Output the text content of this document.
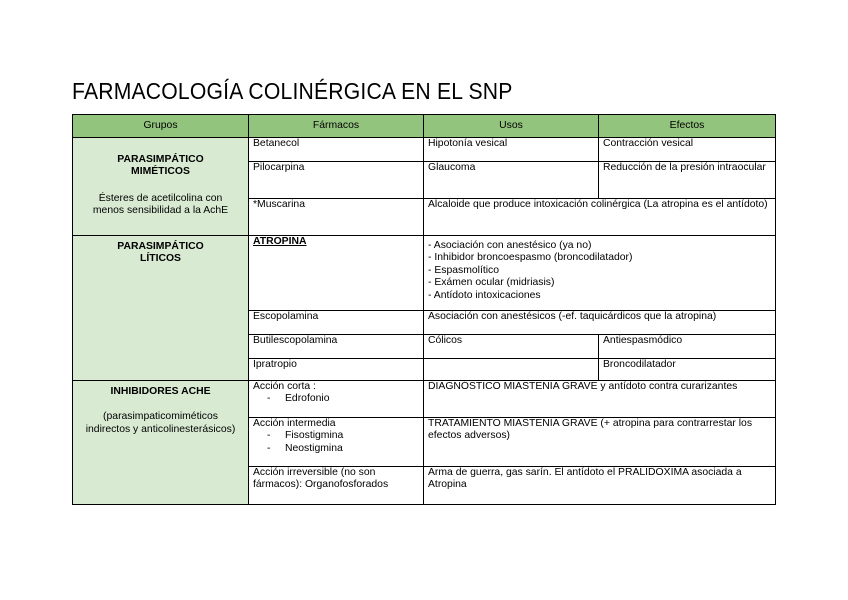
FARMACOLOGÍA COLINÉRGICA EN EL SNP
Grupos	Fármacos	Usos	Efectos

PARASIMPÁTICO
MIMÉTICOS
Ésteres de acetilcolina con
menos sensibilidad a la AchE	Betanecol	Hipotonía vesical	Contracción vesical
	Pilocarpina	Glaucoma	Reducción de la presión intraocular
	*Muscarina	Alcaloide que produce intoxicación colinérgica (La atropina es el antídoto)	

PARASIMPÁTICO
LÍTICOS	ATROPINA	- Asociación con anestésico (ya no)
- Inhibidor broncoespasmo (broncodilatador)
- Espasmolítico
- Exámen ocular (midriasis)
- Antídoto intoxicaciones	

	Escopolamina	Asociación con anestésicos (-ef. taquicárdicos que la atropina)	
	Butilescopolamina	Cólicos	Antiespasmódico
	Ipratropio		Broncodilatador

INHIBIDORES ACHE
(parasimpaticomiméticos
indirectos y anticolinesterásicos)	Acción corta :
- Edrofonio	DIAGNÓSTICO MIASTENIA GRAVE y antídoto contra curarizantes	

	Acción intermedia
- Fisostigmina
- Neostigmina	TRATAMIENTO MIASTENIA GRAVE (+ atropina para contrarrestar los efectos adversos)	
	Acción irreversible (no son fármacos): Organofosforados	Arma de guerra, gas sarín. El antídoto el PRALIDOXIMA asociada a Atropina	
